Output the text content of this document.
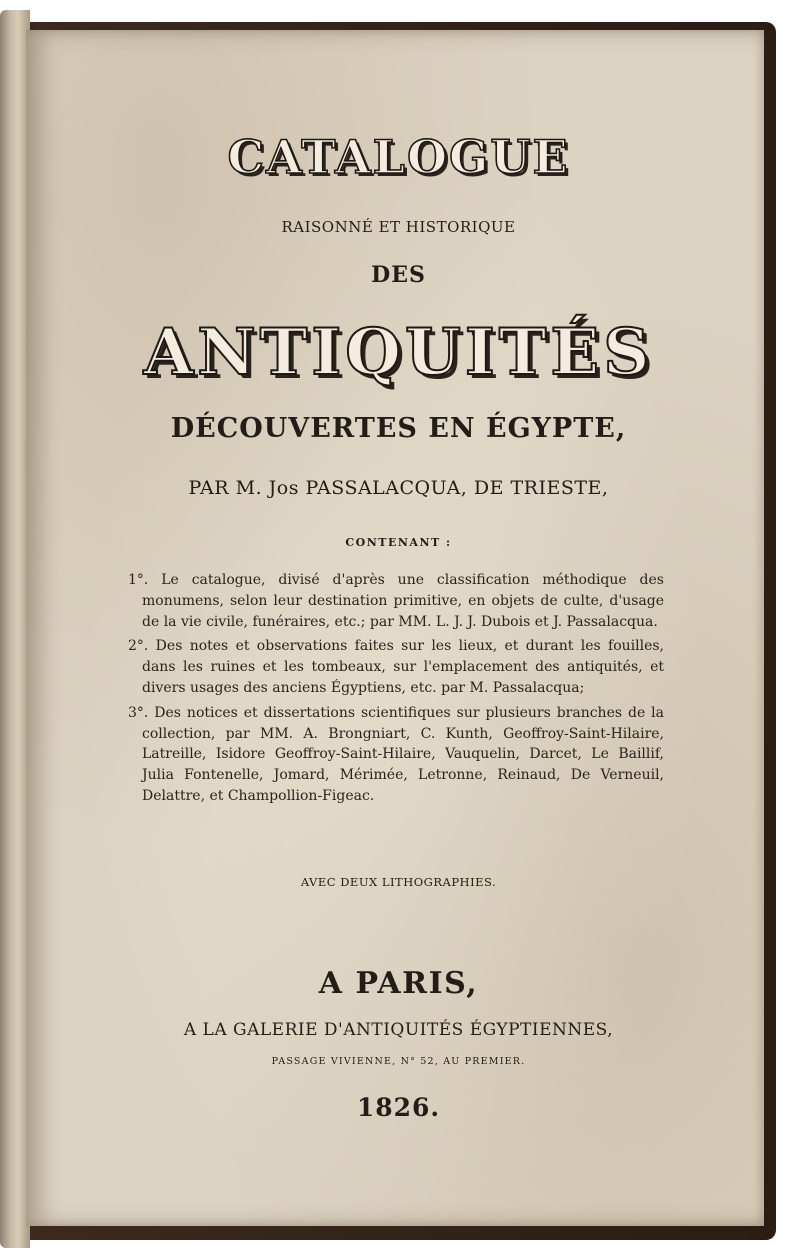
CATALOGUE
RAISONNÉ ET HISTORIQUE
DES
ANTIQUITÉS
DÉCOUVERTES EN ÉGYPTE,
PAR M. Jos PASSALACQUA, DE TRIESTE,
CONTENANT :

1°. Le catalogue, divisé d'après une classification méthodique des monumens, selon leur destination primitive, en objets de culte, d'usage de la vie civile, funéraires, etc.; par MM. L. J. J. Dubois et J. Passalacqua.

2°. Des notes et observations faites sur les lieux, et durant les fouilles, dans les ruines et les tombeaux, sur l'emplacement des antiquités, et divers usages des anciens Égyptiens, etc. par M. Passalacqua;

3°. Des notices et dissertations scientifiques sur plusieurs branches de la collection, par MM. A. Brongniart, C. Kunth, Geoffroy-Saint-Hilaire, Latreille, Isidore Geoffroy-Saint-Hilaire, Vauquelin, Darcet, Le Baillif, Julia Fontenelle, Jomard, Mérimée, Letronne, Reinaud, De Verneuil, Delattre, et Champollion-Figeac.

AVEC DEUX LITHOGRAPHIES.
A PARIS,
A LA GALERIE D'ANTIQUITÉS ÉGYPTIENNES,
PASSAGE VIVIENNE, N° 52, AU PREMIER.
1826.
